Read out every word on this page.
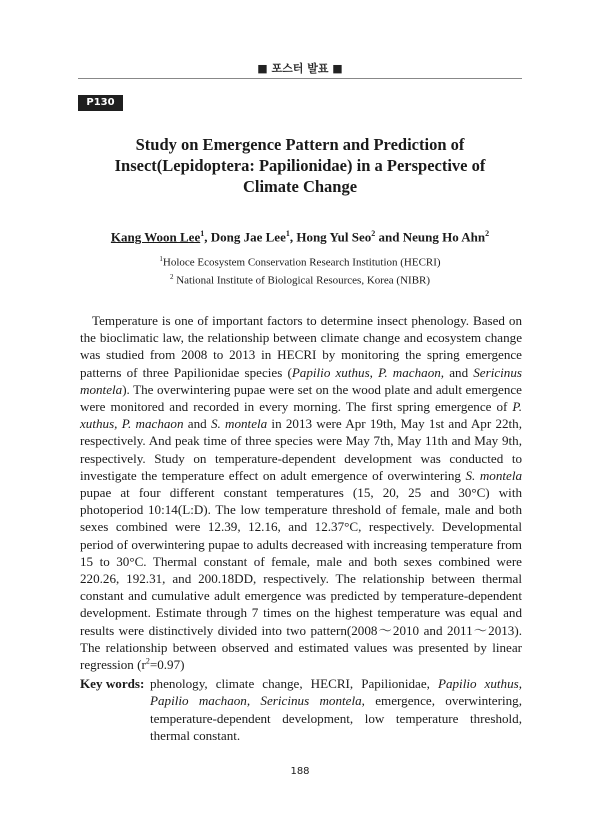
■ 포스터 발표 ■
P130
Study on Emergence Pattern and Prediction of
Insect(Lepidoptera: Papilionidae) in a Perspective of
Climate Change
Kang Woon Lee$^1$, Dong Jae Lee$^1$, Hong Yul Seo$^2$ and Neung Ho Ahn$^2$
$^1$Holoce Ecosystem Conservation Research Institution (HECRI)
$^2$ National Institute of Biological Resources, Korea (NIBR)

Temperature is one of important factors to determine insect phenology. Based on the bioclimatic law, the relationship between climate change and ecosystem change was studied from 2008 to 2013 in HECRI by monitoring the spring emergence patterns of three Papilionidae species (Papilio xuthus, P. machaon, and Sericinus montela). The overwintering pupae were set on the wood plate and adult emergence were monitored and recorded in every morning. The first spring emergence of P. xuthus, P. machaon and S. montela in 2013 were Apr 19th, May 1st and Apr 22th, respectively. And peak time of three species were May 7th, May 11th and May 9th, respectively. Study on temperature-dependent development was conducted to investigate the temperature effect on adult emergence of overwintering S. montela pupae at four different constant temperatures (15, 20, 25 and 30°C) with photoperiod 10:14(L:D). The low temperature threshold of female, male and both sexes combined were 12.39, 12.16, and 12.37°C, respectively. Developmental period of overwintering pupae to adults decreased with increasing temperature from 15 to 30°C. Thermal constant of female, male and both sexes combined were 220.26, 192.31, and 200.18DD, respectively. The relationship between thermal constant and cumulative adult emergence was predicted by temperature-dependent development. Estimate through 7 times on the highest temperature was equal and results were distinctively divided into two pattern(2008～2010 and 2011～2013). The relationship between observed and estimated values was presented by linear regression $(r^2=0.97)$

Key words: phenology, climate change, HECRI, Papilionidae, Papilio xuthus, Papilio machaon, Sericinus montela, emergence, overwintering, temperature-dependent development, low temperature threshold, thermal constant.
188
